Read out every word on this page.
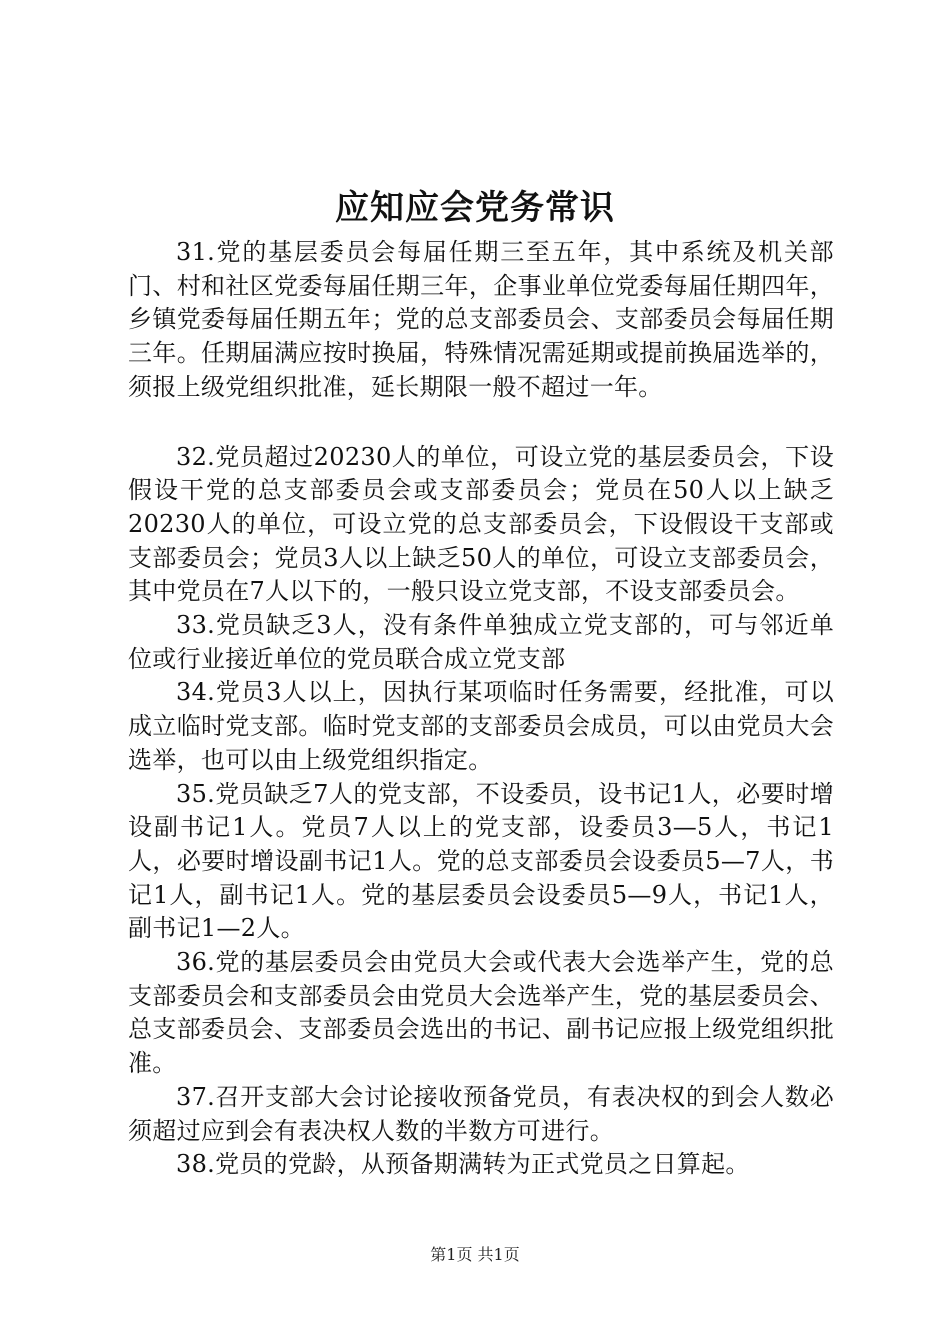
应知应会党务常识

31.党的基层委员会每届任期三至五年，其中系统及机关部门、村和社区党委每届任期三年，企事业单位党委每届任期四年，乡镇党委每届任期五年；党的总支部委员会、支部委员会每届任期三年。任期届满应按时换届，特殊情况需延期或提前换届选举的，须报上级党组织批准，延长期限一般不超过一年。

32.党员超过20230人的单位，可设立党的基层委员会，下设假设干党的总支部委员会或支部委员会；党员在50人以上缺乏20230人的单位，可设立党的总支部委员会，下设假设干支部或支部委员会；党员3人以上缺乏50人的单位，可设立支部委员会，其中党员在7人以下的，一般只设立党支部，不设支部委员会。

33.党员缺乏3人，没有条件单独成立党支部的，可与邻近单位或行业接近单位的党员联合成立党支部

34.党员3人以上，因执行某项临时任务需要，经批准，可以成立临时党支部。临时党支部的支部委员会成员，可以由党员大会选举，也可以由上级党组织指定。

35.党员缺乏7人的党支部，不设委员，设书记1人，必要时增设副书记1人。党员7人以上的党支部，设委员3—5人，书记1人，必要时增设副书记1人。党的总支部委员会设委员5—7人，书记1人，副书记1人。党的基层委员会设委员5—9人，书记1人，副书记1—2人。

36.党的基层委员会由党员大会或代表大会选举产生，党的总支部委员会和支部委员会由党员大会选举产生，党的基层委员会、总支部委员会、支部委员会选出的书记、副书记应报上级党组织批准。

37.召开支部大会讨论接收预备党员，有表决权的到会人数必须超过应到会有表决权人数的半数方可进行。

38.党员的党龄，从预备期满转为正式党员之日算起。

第1页 共1页
